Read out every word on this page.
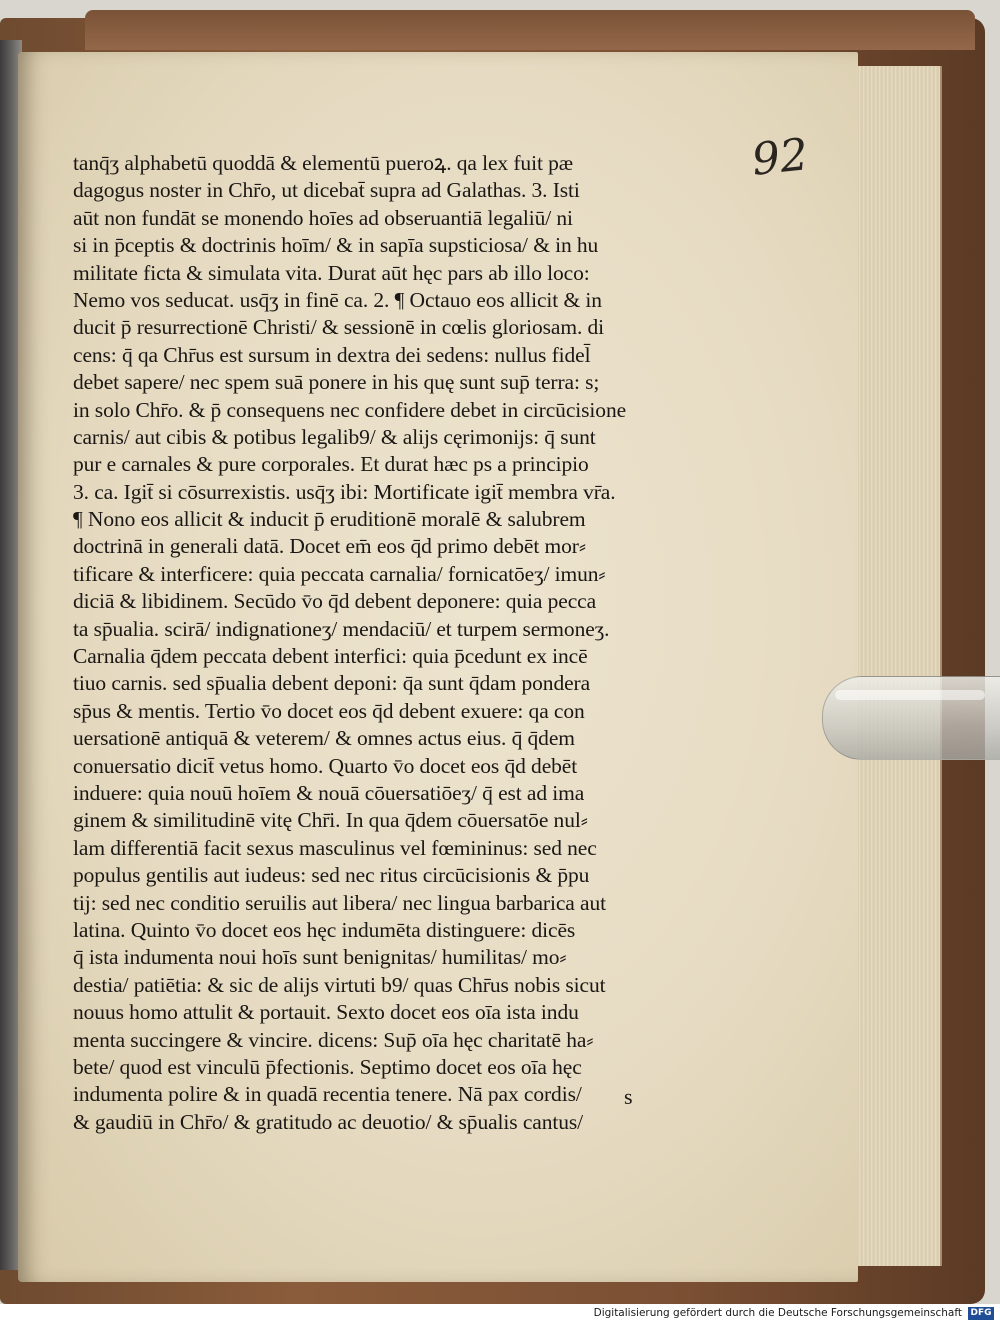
92

tanq̄ʒ alphabetū quoddā & elementū pueroꝝ. qa lex fuit pæ
dagogus noster in Chr̄o, ut dicebat̄ supra ad Galathas. 3. Isti
aūt non fundāt se monendo hoīes ad obseruantiā legaliū/ ni
si in p̄ceptis & doctrinis hoīm/ & in sapīa supsticiosa/ & in hu
militate ficta & simulata vita. Durat aūt hęc pars ab illo loco:
Nemo vos seducat. usq̄ʒ in finē ca. 2. ¶ Octauo eos allicit & in
ducit p̄ resurrectionē Christi/ & sessionē in cœlis gloriosam. di
cens: q̄ qa Chr̄us est sursum in dextra dei sedens: nullus fidel̄
debet sapere/ nec spem suā ponere in his quę sunt sup̄ terra: s;
in solo Chr̄o. & p̄ consequens nec confidere debet in circūcisione
carnis/ aut cibis & potibus legalib9/ & alijs cęrimonijs: q̄ sunt
pur e carnales & pure corporales. Et durat hæc ps a principio
3. ca. Igit̄ si cōsurrexistis. usq̄ʒ ibi: Mortificate igit̄ membra vr̄a.
¶ Nono eos allicit & inducit p̄ eruditionē moralē & salubrem
doctrinā in generali datā. Docet em̄ eos q̄d primo debēt mor⸗
tificare & interficere: quia peccata carnalia/ fornicatōeʒ/ imun⸗
diciā & libidinem. Secūdo v̄o q̄d debent deponere: quia pecca
ta sp̄ualia. scirā/ indignationeʒ/ mendaciū/ et turpem sermoneʒ.
Carnalia q̄dem peccata debent interfici: quia p̄cedunt ex incē
tiuo carnis. sed sp̄ualia debent deponi: q̄a sunt q̄dam pondera
sp̄us & mentis. Tertio v̄o docet eos q̄d debent exuere: qa con
uersationē antiquā & veterem/ & omnes actus eius. q̄ q̄dem
conuersatio dicit̄ vetus homo. Quarto v̄o docet eos q̄d debēt
induere: quia nouū hoīem & nouā cōuersatiōeʒ/ q̄ est ad ima
ginem & similitudinē vitę Chr̄i. In qua q̄dem cōuersatōe nul⸗
lam differentiā facit sexus masculinus vel fœmininus: sed nec
populus gentilis aut iudeus: sed nec ritus circūcisionis & p̄pu
tij: sed nec conditio seruilis aut libera/ nec lingua barbarica aut
latina. Quinto v̄o docet eos hęc indumēta distinguere: dicēs
q̄ ista indumenta noui hoīs sunt benignitas/ humilitas/ mo⸗
destia/ patiētia: & sic de alijs virtuti b9/ quas Chr̄us nobis sicut
nouus homo attulit & portauit. Sexto docet eos oīa ista indu
menta succingere & vincire. dicens: Sup̄ oīa hęc charitatē ha⸗
bete/ quod est vinculū p̄fectionis. Septimo docet eos oīa hęc
indumenta polire & in quadā recentia tenere. Nā pax cordis/
& gaudiū in Chr̄o/ & gratitudo ac deuotio/ & sp̄ualis cantus/

s

Digitalisierung gefördert durch die Deutsche Forschungsgemeinschaft DFG
